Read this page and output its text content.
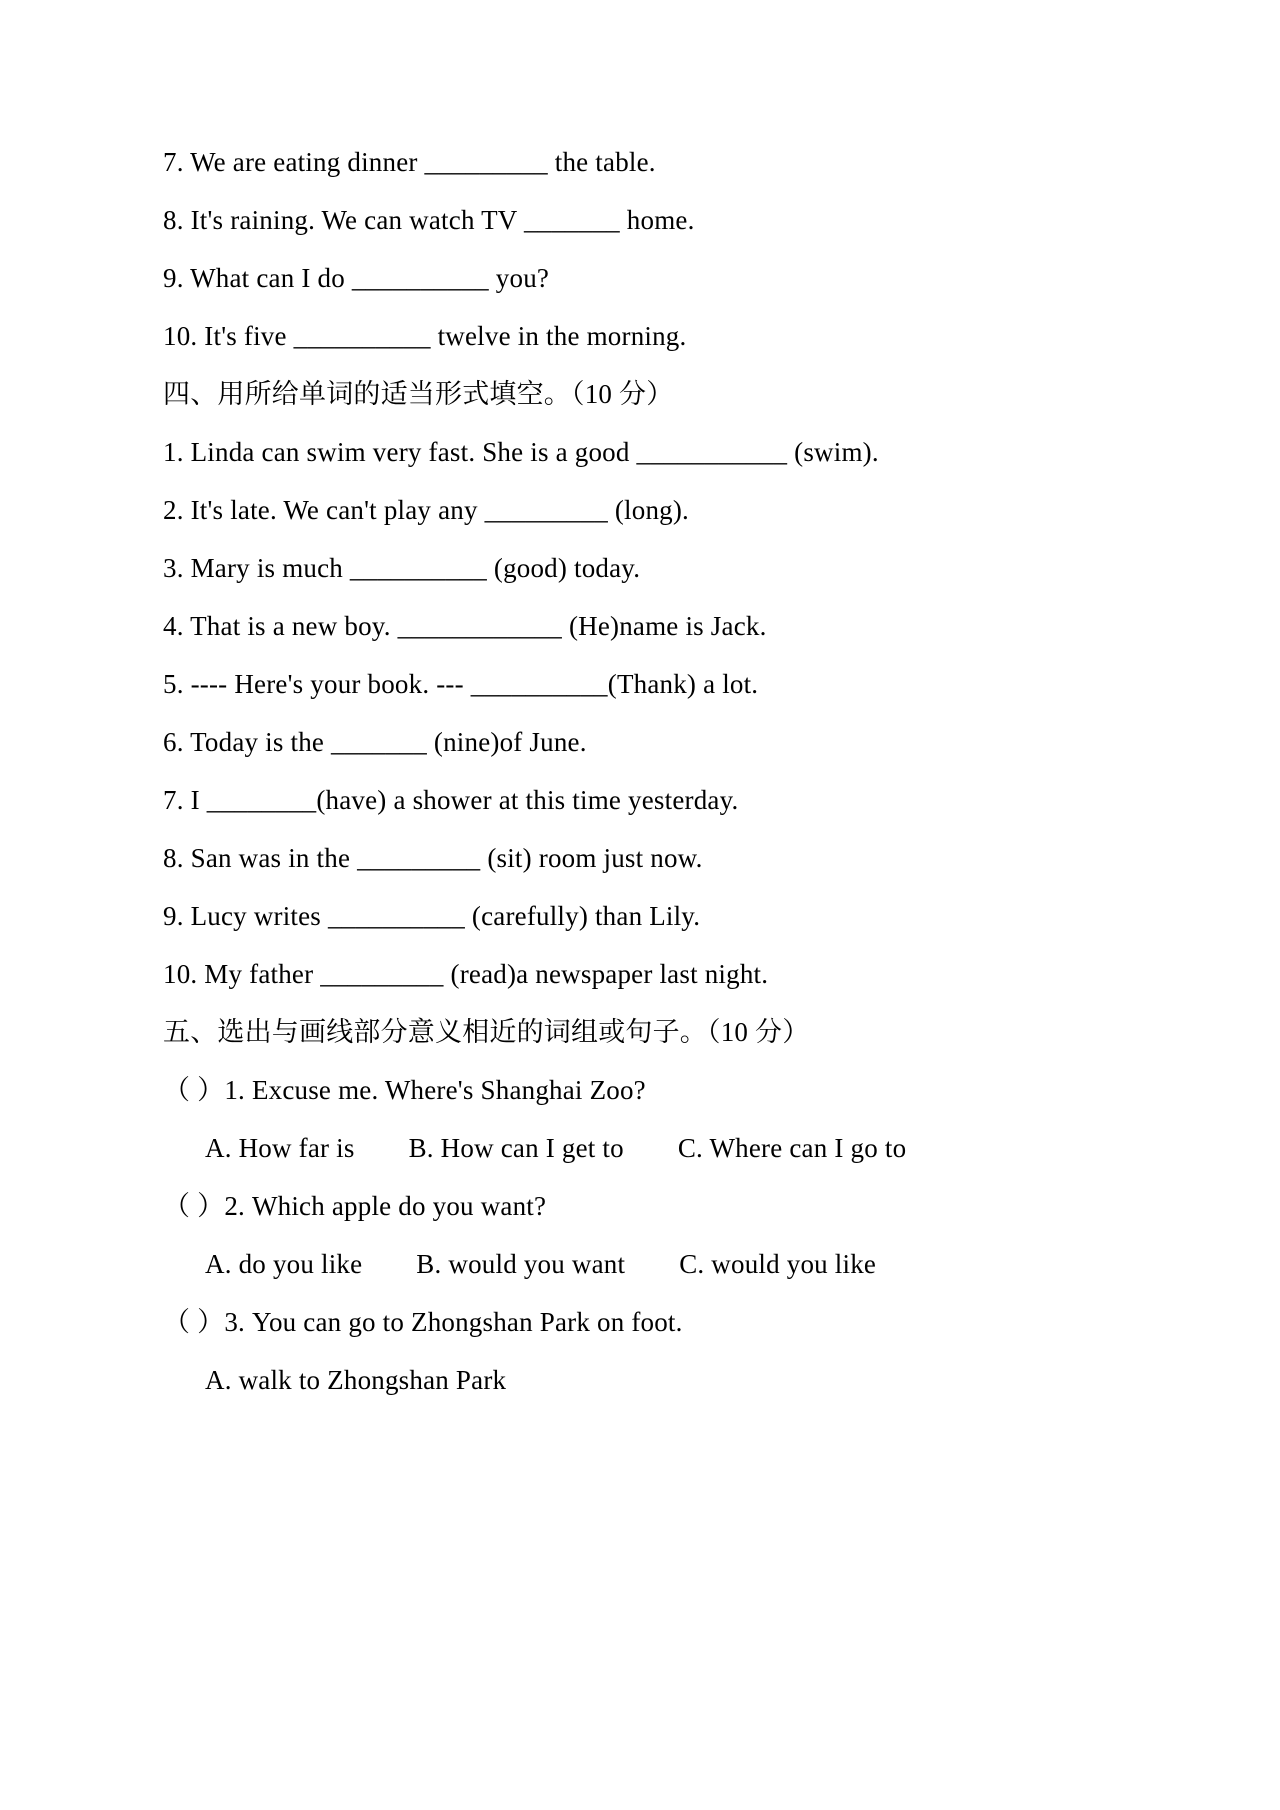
7. We are eating dinner _________ the table.

8. It's raining. We can watch TV _______ home.

9. What can I do __________ you?

10. It's five __________ twelve in the morning.

四、用所给单词的适当形式填空。（10 分）

1. Linda can swim very fast. She is a good ___________ (swim).

2. It's late. We can't play any _________ (long).

3. Mary is much __________ (good) today.

4. That is a new boy. ____________ (He)name is Jack.

5. ---- Here's your book. --- __________(Thank) a lot.

6. Today is the _______ (nine)of June.

7. I ________(have) a shower at this time yesterday.

8. San was in the _________ (sit) room just now.

9. Lucy writes __________ (carefully) than Lily.

10. My father _________ (read)a newspaper last night.

五、选出与画线部分意义相近的词组或句子。（10 分）

（ ）1. Excuse me. Where's Shanghai Zoo?

A. How far is B. How can I get to C. Where can I go to

（ ）2. Which apple do you want?

A. do you like B. would you want C. would you like

（ ）3. You can go to Zhongshan Park on foot.

A. walk to Zhongshan Park
